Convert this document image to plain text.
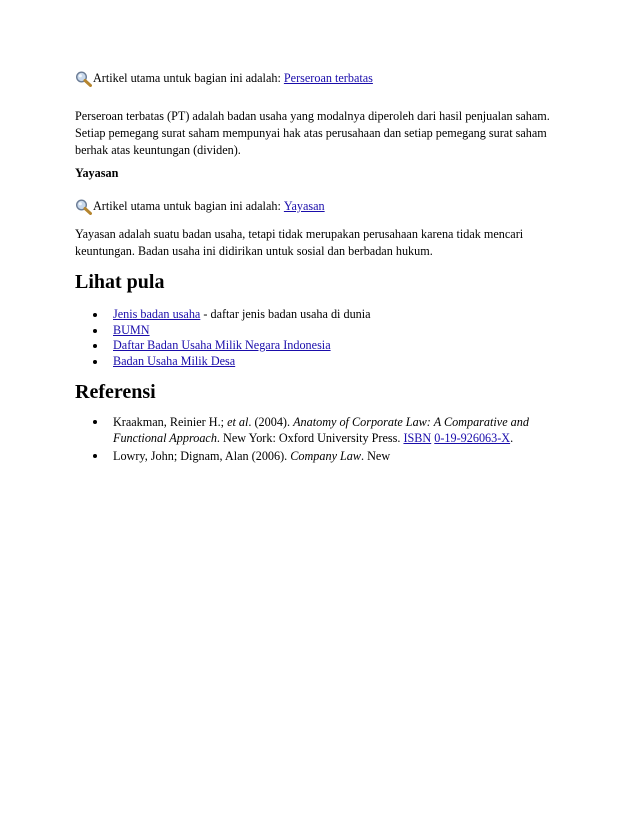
Artikel utama untuk bagian ini adalah: Perseroan terbatas

Perseroan terbatas (PT) adalah badan usaha yang modalnya diperoleh dari hasil penjualan saham. Setiap pemegang surat saham mempunyai hak atas perusahaan dan setiap pemegang surat saham berhak atas keuntungan (dividen).

Yayasan

Artikel utama untuk bagian ini adalah: Yayasan

Yayasan adalah suatu badan usaha, tetapi tidak merupakan perusahaan karena tidak mencari keuntungan. Badan usaha ini didirikan untuk sosial dan berbadan hukum.

Lihat pula
Jenis badan usaha - daftar jenis badan usaha di dunia
BUMN
Daftar Badan Usaha Milik Negara Indonesia
Badan Usaha Milik Desa
Referensi
Kraakman, Reinier H.; et al. (2004). Anatomy of Corporate Law: A Comparative and Functional Approach. New York: Oxford University Press. ISBN 0-19-926063-X.
Lowry, John; Dignam, Alan (2006). Company Law. New
